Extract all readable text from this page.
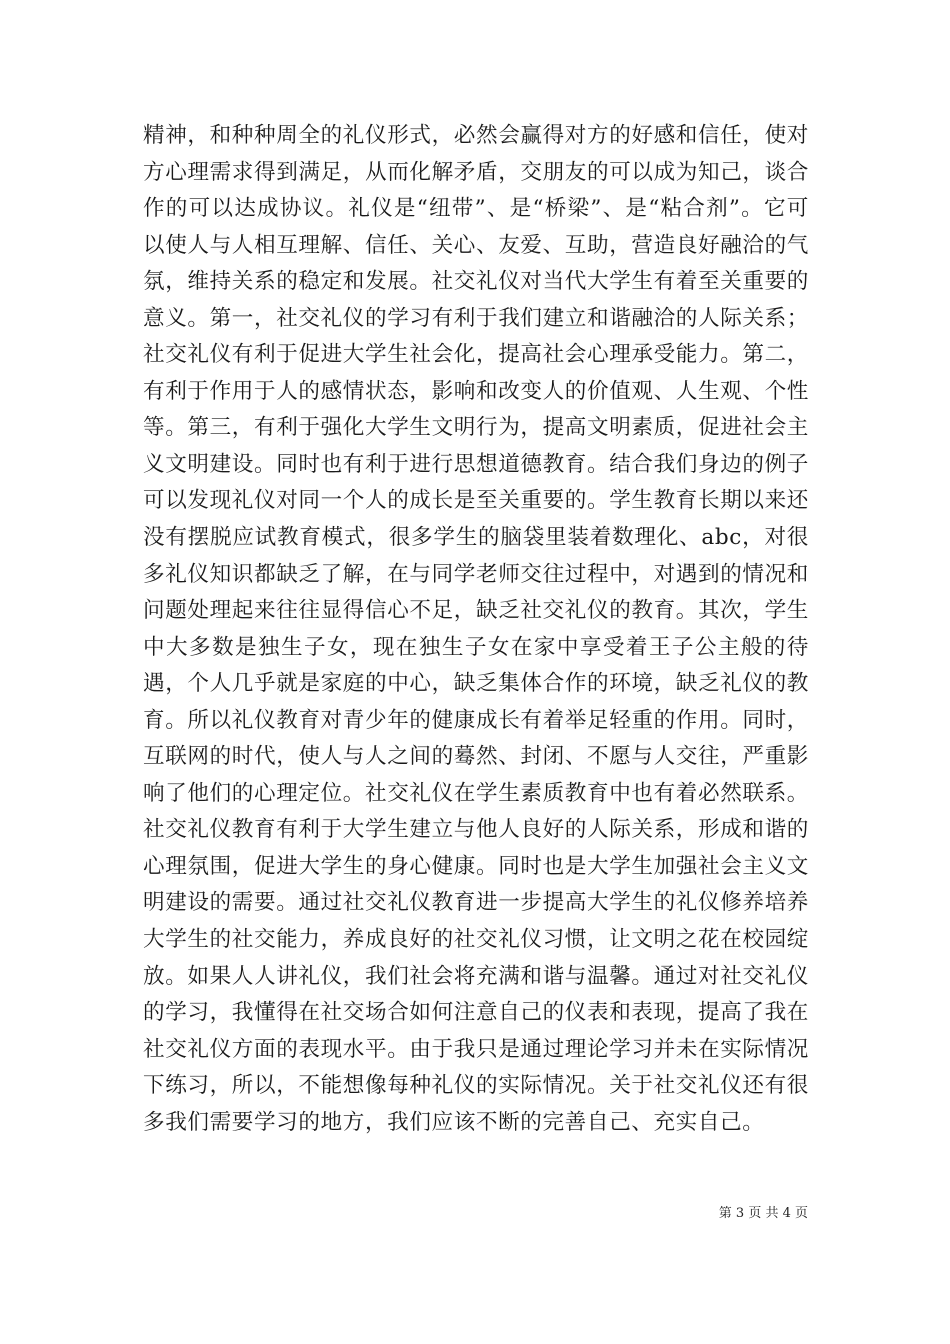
精神，和种种周全的礼仪形式，必然会赢得对方的好感和信任，使对方心理需求得到满足，从而化解矛盾，交朋友的可以成为知己，谈合作的可以达成协议。礼仪是“纽带”、是“桥梁”、是“粘合剂”。它可以使人与人相互理解、信任、关心、友爱、互助，营造良好融洽的气氛，维持关系的稳定和发展。社交礼仪对当代大学生有着至关重要的意义。第一，社交礼仪的学习有利于我们建立和谐融洽的人际关系；社交礼仪有利于促进大学生社会化，提高社会心理承受能力。第二，有利于作用于人的感情状态，影响和改变人的价值观、人生观、个性等。第三，有利于强化大学生文明行为，提高文明素质，促进社会主义文明建设。同时也有利于进行思想道德教育。结合我们身边的例子可以发现礼仪对同一个人的成长是至关重要的。学生教育长期以来还没有摆脱应试教育模式，很多学生的脑袋里装着数理化、abc，对很多礼仪知识都缺乏了解，在与同学老师交往过程中，对遇到的情况和问题处理起来往往显得信心不足，缺乏社交礼仪的教育。其次，学生中大多数是独生子女，现在独生子女在家中享受着王子公主般的待遇，个人几乎就是家庭的中心，缺乏集体合作的环境，缺乏礼仪的教育。所以礼仪教育对青少年的健康成长有着举足轻重的作用。同时，互联网的时代，使人与人之间的蓦然、封闭、不愿与人交往，严重影响了他们的心理定位。社交礼仪在学生素质教育中也有着必然联系。社交礼仪教育有利于大学生建立与他人良好的人际关系，形成和谐的心理氛围，促进大学生的身心健康。同时也是大学生加强社会主义文明建设的需要。通过社交礼仪教育进一步提高大学生的礼仪修养培养大学生的社交能力，养成良好的社交礼仪习惯，让文明之花在校园绽放。如果人人讲礼仪，我们社会将充满和谐与温馨。通过对社交礼仪的学习，我懂得在社交场合如何注意自己的仪表和表现，提高了我在社交礼仪方面的表现水平。由于我只是通过理论学习并未在实际情况下练习，所以，不能想像每种礼仪的实际情况。关于社交礼仪还有很多我们需要学习的地方，我们应该不断的完善自己、充实自己。

第 3 页 共 4 页
